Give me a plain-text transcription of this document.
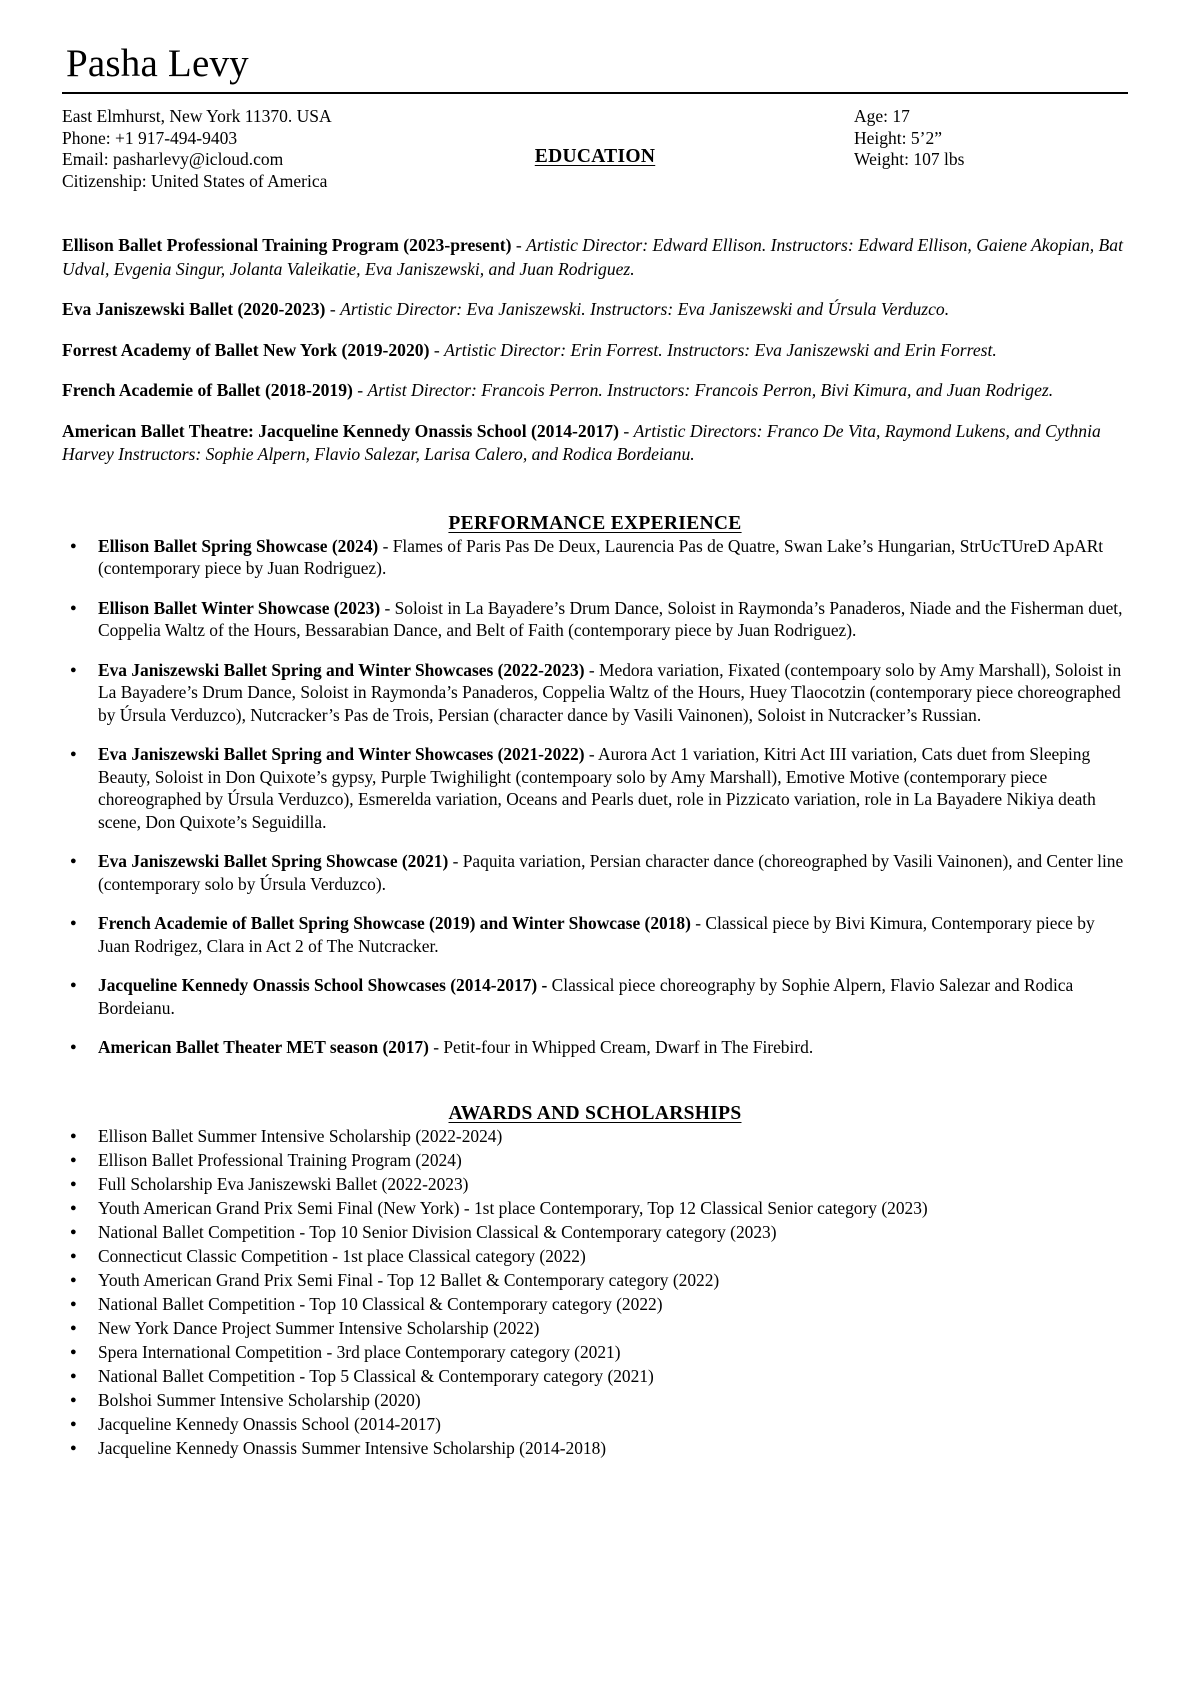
Pasha Levy
East Elmhurst, New York 11370. USA
Phone: +1 917-494-9403
Email: pasharlevy@icloud.com
Citizenship: United States of America
Age: 17
Height: 5’2”
Weight: 107 lbs
EDUCATION
Ellison Ballet Professional Training Program (2023-present) - Artistic Director: Edward Ellison. Instructors: Edward Ellison, Gaiene Akopian, Bat Udval, Evgenia Singur, Jolanta Valeikatie, Eva Janiszewski, and Juan Rodriguez.
Eva Janiszewski Ballet (2020-2023) - Artistic Director: Eva Janiszewski. Instructors: Eva Janiszewski and Úrsula Verduzco.
Forrest Academy of Ballet New York (2019-2020) - Artistic Director: Erin Forrest. Instructors: Eva Janiszewski and Erin Forrest.
French Academie of Ballet (2018-2019) - Artist Director: Francois Perron. Instructors: Francois Perron, Bivi Kimura, and Juan Rodrigez.
American Ballet Theatre: Jacqueline Kennedy Onassis School (2014-2017) - Artistic Directors: Franco De Vita, Raymond Lukens, and Cythnia Harvey Instructors: Sophie Alpern, Flavio Salezar, Larisa Calero, and Rodica Bordeianu.
PERFORMANCE EXPERIENCE
● Ellison Ballet Spring Showcase (2024) - Flames of Paris Pas De Deux, Laurencia Pas de Quatre, Swan Lake’s Hungarian, StrUcTUreD ApARt (contemporary piece by Juan Rodriguez).
● Ellison Ballet Winter Showcase (2023) - Soloist in La Bayadere’s Drum Dance, Soloist in Raymonda’s Panaderos, Niade and the Fisherman duet, Coppelia Waltz of the Hours, Bessarabian Dance, and Belt of Faith (contemporary piece by Juan Rodriguez).
● Eva Janiszewski Ballet Spring and Winter Showcases (2022-2023) - Medora variation, Fixated (contempoary solo by Amy Marshall), Soloist in La Bayadere’s Drum Dance, Soloist in Raymonda’s Panaderos, Coppelia Waltz of the Hours, Huey Tlaocotzin (contemporary piece choreographed by Úrsula Verduzco), Nutcracker’s Pas de Trois, Persian (character dance by Vasili Vainonen), Soloist in Nutcracker’s Russian.
● Eva Janiszewski Ballet Spring and Winter Showcases (2021-2022) - Aurora Act 1 variation, Kitri Act III variation, Cats duet from Sleeping Beauty, Soloist in Don Quixote’s gypsy, Purple Twighilight (contempoary solo by Amy Marshall), Emotive Motive (contemporary piece choreographed by Úrsula Verduzco), Esmerelda variation, Oceans and Pearls duet, role in Pizzicato variation, role in La Bayadere Nikiya death scene, Don Quixote’s Seguidilla.
● Eva Janiszewski Ballet Spring Showcase (2021) - Paquita variation, Persian character dance (choreographed by Vasili Vainonen), and Center line (contemporary solo by Úrsula Verduzco).
● French Academie of Ballet Spring Showcase (2019) and Winter Showcase (2018) - Classical piece by Bivi Kimura, Contemporary piece by Juan Rodrigez, Clara in Act 2 of The Nutcracker.
● Jacqueline Kennedy Onassis School Showcases (2014-2017) - Classical piece choreography by Sophie Alpern, Flavio Salezar and Rodica Bordeianu.
● American Ballet Theater MET season (2017) - Petit-four in Whipped Cream, Dwarf in The Firebird.
AWARDS AND SCHOLARSHIPS
● Ellison Ballet Summer Intensive Scholarship (2022-2024)
● Ellison Ballet Professional Training Program (2024)
● Full Scholarship Eva Janiszewski Ballet (2022-2023)
● Youth American Grand Prix Semi Final (New York) - 1st place Contemporary, Top 12 Classical Senior category (2023)
● National Ballet Competition - Top 10 Senior Division Classical & Contemporary category (2023)
● Connecticut Classic Competition - 1st place Classical category (2022)
● Youth American Grand Prix Semi Final - Top 12 Ballet & Contemporary category (2022)
● National Ballet Competition - Top 10 Classical & Contemporary category (2022)
● New York Dance Project Summer Intensive Scholarship (2022)
● Spera International Competition - 3rd place Contemporary category (2021)
● National Ballet Competition - Top 5 Classical & Contemporary category (2021)
● Bolshoi Summer Intensive Scholarship (2020)
● Jacqueline Kennedy Onassis School (2014-2017)
● Jacqueline Kennedy Onassis Summer Intensive Scholarship (2014-2018)
